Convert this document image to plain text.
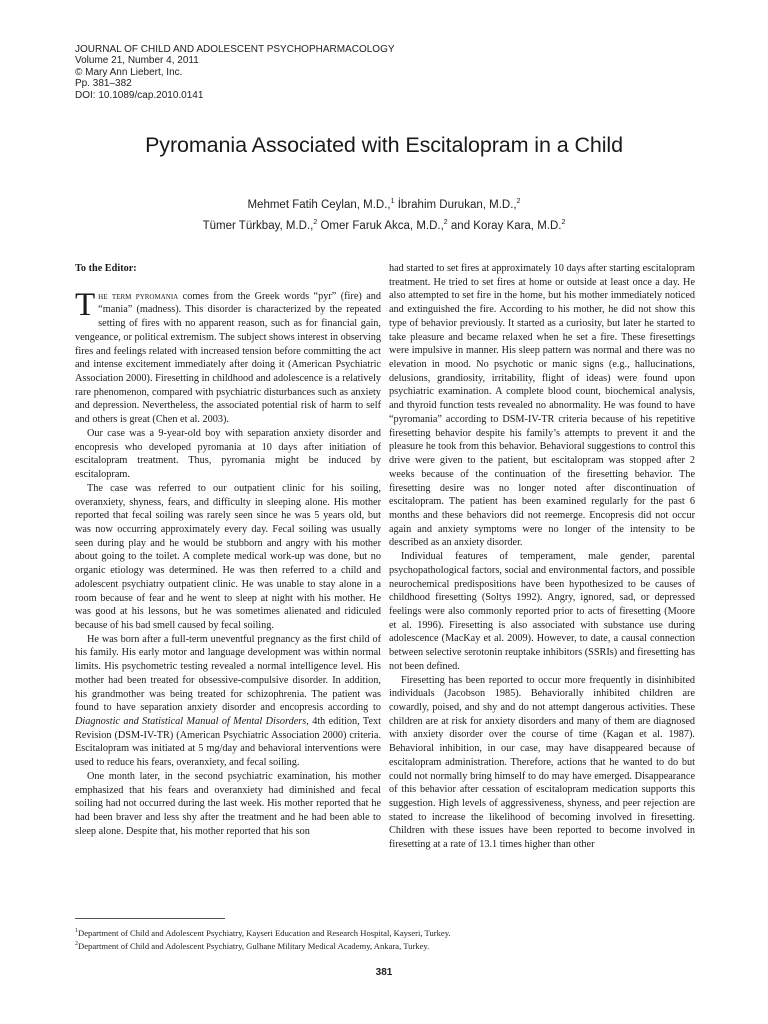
JOURNAL OF CHILD AND ADOLESCENT PSYCHOPHARMACOLOGY
Volume 21, Number 4, 2011
© Mary Ann Liebert, Inc.
Pp. 381–382
DOI: 10.1089/cap.2010.0141
Pyromania Associated with Escitalopram in a Child
Mehmet Fatih Ceylan, M.D.,$^1$ İbrahim Durukan, M.D.,$^2$
Tümer Türkbay, M.D.,$^2$ Omer Faruk Akca, M.D.,$^2$ and Koray Kara, M.D.$^2$

To the Editor:

The term pyromania comes from the Greek words “pyr” (fire) and “mania” (madness). This disorder is characterized by the repeated setting of fires with no apparent reason, such as for financial gain, vengeance, or political extremism. The subject shows interest in observing fires and feelings related with increased tension before committing the act and intense excitement immediately after doing it (American Psychiatric Association 2000). Firesetting in childhood and adolescence is a relatively rare phenomenon, compared with psychiatric disturbances such as anxiety and depression. Nevertheless, the associated potential risk of harm to self and others is great (Chen et al. 2003).

Our case was a 9-year-old boy with separation anxiety disorder and encopresis who developed pyromania at 10 days after initiation of escitalopram treatment. Thus, pyromania might be induced by escitalopram.

The case was referred to our outpatient clinic for his soiling, overanxiety, shyness, fears, and difficulty in sleeping alone. His mother reported that fecal soiling was rarely seen since he was 5 years old, but was now occurring approximately every day. Fecal soiling was usually seen during play and he would be stubborn and angry with his mother about going to the toilet. A complete medical work-up was done, but no organic etiology was determined. He was then referred to a child and adolescent psychiatry outpatient clinic. He was unable to stay alone in a room because of fear and he went to sleep at night with his mother. He was good at his lessons, but he was sometimes alienated and ridiculed because of his bad smell caused by fecal soiling.

He was born after a full-term uneventful pregnancy as the first child of his family. His early motor and language development was within normal limits. His psychometric testing revealed a normal intelligence level. His mother had been treated for obsessive-compulsive disorder. In addition, his grandmother was being treated for schizophrenia. The patient was found to have separation anxiety disorder and encopresis according to Diagnostic and Statistical Manual of Mental Disorders, 4th edition, Text Revision (DSM-IV-TR) (American Psychiatric Association 2000) criteria. Escitalopram was initiated at 5 mg/day and behavioral interventions were used to reduce his fears, overanxiety, and fecal soiling.

One month later, in the second psychiatric examination, his mother emphasized that his fears and overanxiety had diminished and fecal soiling had not occurred during the last week. His mother reported that he had been braver and less shy after the treatment and he had been able to sleep alone. Despite that, his mother reported that his son

had started to set fires at approximately 10 days after starting escitalopram treatment. He tried to set fires at home or outside at least once a day. He also attempted to set fire in the home, but his mother immediately noticed and extinguished the fire. According to his mother, he did not show this type of behavior previously. It started as a curiosity, but later he started to take pleasure and became relaxed when he set a fire. These firesettings were impulsive in manner. His sleep pattern was normal and there was no elevation in mood. No psychotic or manic signs (e.g., hallucinations, delusions, grandiosity, irritability, flight of ideas) were found upon psychiatric examination. A complete blood count, biochemical analysis, and thyroid function tests revealed no abnormality. He was found to have “pyromania” according to DSM-IV-TR criteria because of his repetitive firesetting behavior despite his family’s attempts to prevent it and the pleasure he took from this behavior. Behavioral suggestions to control this drive were given to the patient, but escitalopram was stopped after 2 weeks because of the continuation of the firesetting behavior. The firesetting desire was no longer noted after discontinuation of escitalopram. The patient has been examined regularly for the past 6 months and these behaviors did not reemerge. Encopresis did not occur again and anxiety symptoms were no longer of the intensity to be described as an anxiety disorder.

Individual features of temperament, male gender, parental psychopathological factors, social and environmental factors, and possible neurochemical predispositions have been hypothesized to be causes of childhood firesetting (Soltys 1992). Angry, ignored, sad, or depressed feelings were also commonly reported prior to acts of firesetting (Moore et al. 1996). Firesetting is also associated with substance use during adolescence (MacKay et al. 2009). However, to date, a causal connection between selective serotonin reuptake inhibitors (SSRIs) and firesetting has not been defined.

Firesetting has been reported to occur more frequently in disinhibited individuals (Jacobson 1985). Behaviorally inhibited children are cowardly, poised, and shy and do not attempt dangerous activities. These children are at risk for anxiety disorders and many of them are diagnosed with anxiety disorder over the course of time (Kagan et al. 1987). Behavioral inhibition, in our case, may have disappeared because of escitalopram administration. Therefore, actions that he wanted to do but could not normally bring himself to do may have emerged. Disappearance of this behavior after cessation of escitalopram medication supports this suggestion. High levels of aggressiveness, shyness, and peer rejection are stated to increase the likelihood of becoming involved in firesetting. Children with these issues have been reported to become involved in firesetting at a rate of 13.1 times higher than other

$^1$Department of Child and Adolescent Psychiatry, Kayseri Education and Research Hospital, Kayseri, Turkey.
$^2$Department of Child and Adolescent Psychiatry, Gulhane Military Medical Academy, Ankara, Turkey.
381
